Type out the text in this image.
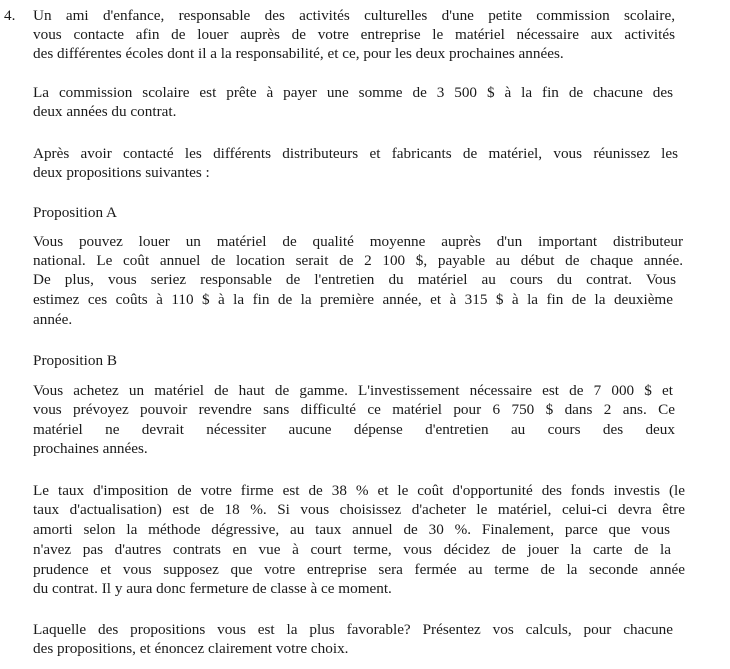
4. Un ami d'enfance, responsable des activités culturelles d'une petite commission scolaire,
vous contacte afin de louer auprès de votre entreprise le matériel nécessaire aux activités
des différentes écoles dont il a la responsabilité, et ce, pour les deux prochaines années.
La commission scolaire est prête à payer une somme de 3 500 $ à la fin de chacune des
deux années du contrat.
Après avoir contacté les différents distributeurs et fabricants de matériel, vous réunissez les
deux propositions suivantes :
Proposition A
Vous pouvez louer un matériel de qualité moyenne auprès d'un important distributeur
national. Le coût annuel de location serait de 2 100 $, payable au début de chaque année.
De plus, vous seriez responsable de l'entretien du matériel au cours du contrat. Vous
estimez ces coûts à 110 $ à la fin de la première année, et à 315 $ à la fin de la deuxième
année.
Proposition B
Vous achetez un matériel de haut de gamme. L'investissement nécessaire est de 7 000 $ et
vous prévoyez pouvoir revendre sans difficulté ce matériel pour 6 750 $ dans 2 ans. Ce
matériel ne devrait nécessiter aucune dépense d'entretien au cours des deux
prochaines années.
Le taux d'imposition de votre firme est de 38 % et le coût d'opportunité des fonds investis (le
taux d'actualisation) est de 18 %. Si vous choisissez d'acheter le matériel, celui-ci devra être
amorti selon la méthode dégressive, au taux annuel de 30 %. Finalement, parce que vous
n'avez pas d'autres contrats en vue à court terme, vous décidez de jouer la carte de la
prudence et vous supposez que votre entreprise sera fermée au terme de la seconde année
du contrat. Il y aura donc fermeture de classe à ce moment.
Laquelle des propositions vous est la plus favorable? Présentez vos calculs, pour chacune
des propositions, et énoncez clairement votre choix.
